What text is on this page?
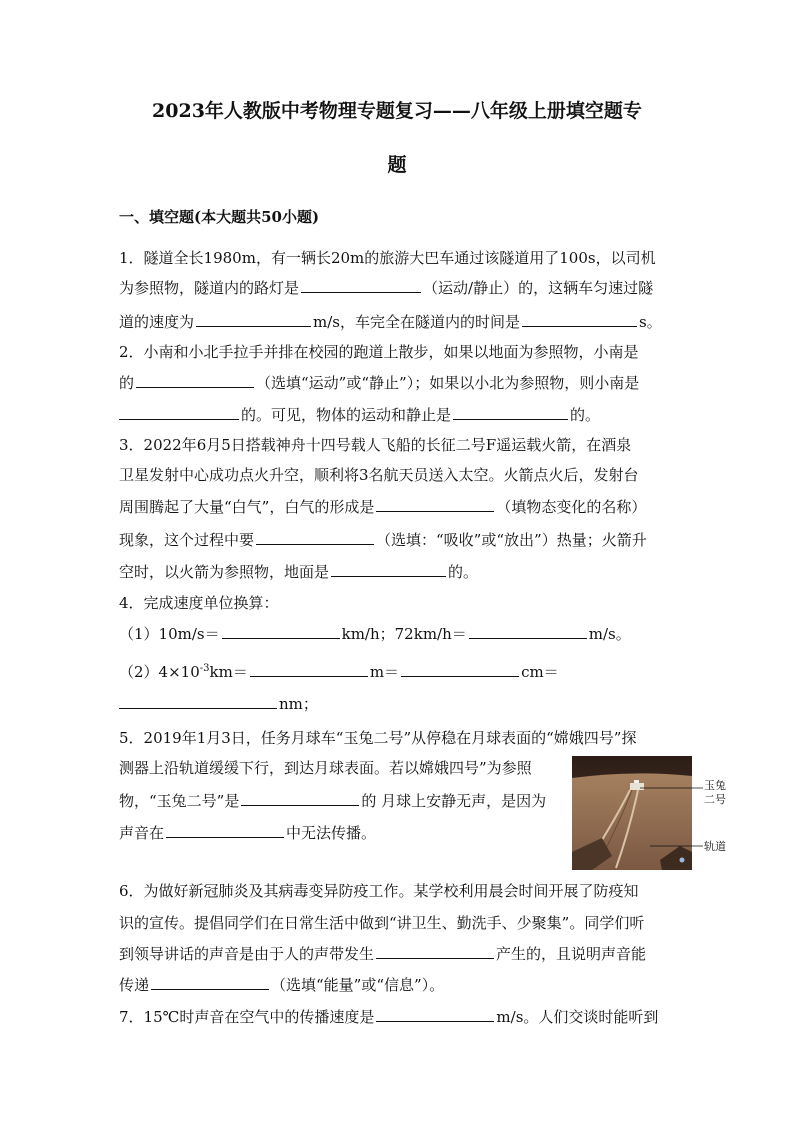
2023年人教版中考物理专题复习——八年级上册填空题专
题
一、填空题(本大题共50小题)
1．隧道全长1980m，有一辆长20m的旅游大巴车通过该隧道用了100s，以司机
为参照物，隧道内的路灯是	（运动/静止）的，这辆车匀速过隧
道的速度为	m/s，车完全在隧道内的时间是	s。
2．小南和小北手拉手并排在校园的跑道上散步，如果以地面为参照物，小南是
的	（选填“运动”或“静止”）；如果以小北为参照物，则小南是
的。可见，物体的运动和静止是	的。
3．2022年6月5日搭载神舟十四号载人飞船的长征二号F遥运载火箭，在酒泉
卫星发射中心成功点火升空，顺利将3名航天员送入太空。火箭点火后，发射台
周围腾起了大量“白气”，白气的形成是	（填物态变化的名称）
现象，这个过程中要	（选填：“吸收”或“放出”）热量；火箭升
空时，以火箭为参照物，地面是	的。
4．完成速度单位换算：
（1）10m/s＝	km/h；72km/h＝	m/s。
$(2)4\times 10^{-3}km=$	m＝	cm＝
nm；
5．2019年1月3日，任务月球车“玉兔二号”从停稳在月球表面的“嫦娥四号”探
测器上沿轨道缓缓下行，到达月球表面。若以嫦娥四号”为参照
物，“玉兔二号”是	的 月球上安静无声，是因为
声音在	中无法传播。
玉兔
二号
轨道
6．为做好新冠肺炎及其病毒变异防疫工作。某学校利用晨会时间开展了防疫知
识的宣传。提倡同学们在日常生活中做到“讲卫生、勤洗手、少聚集”。同学们听
到领导讲话的声音是由于人的声带发生	产生的，且说明声音能
传递	（选填“能量”或“信息”）。
7．15℃时声音在空气中的传播速度是	m/s。人们交谈时能听到
